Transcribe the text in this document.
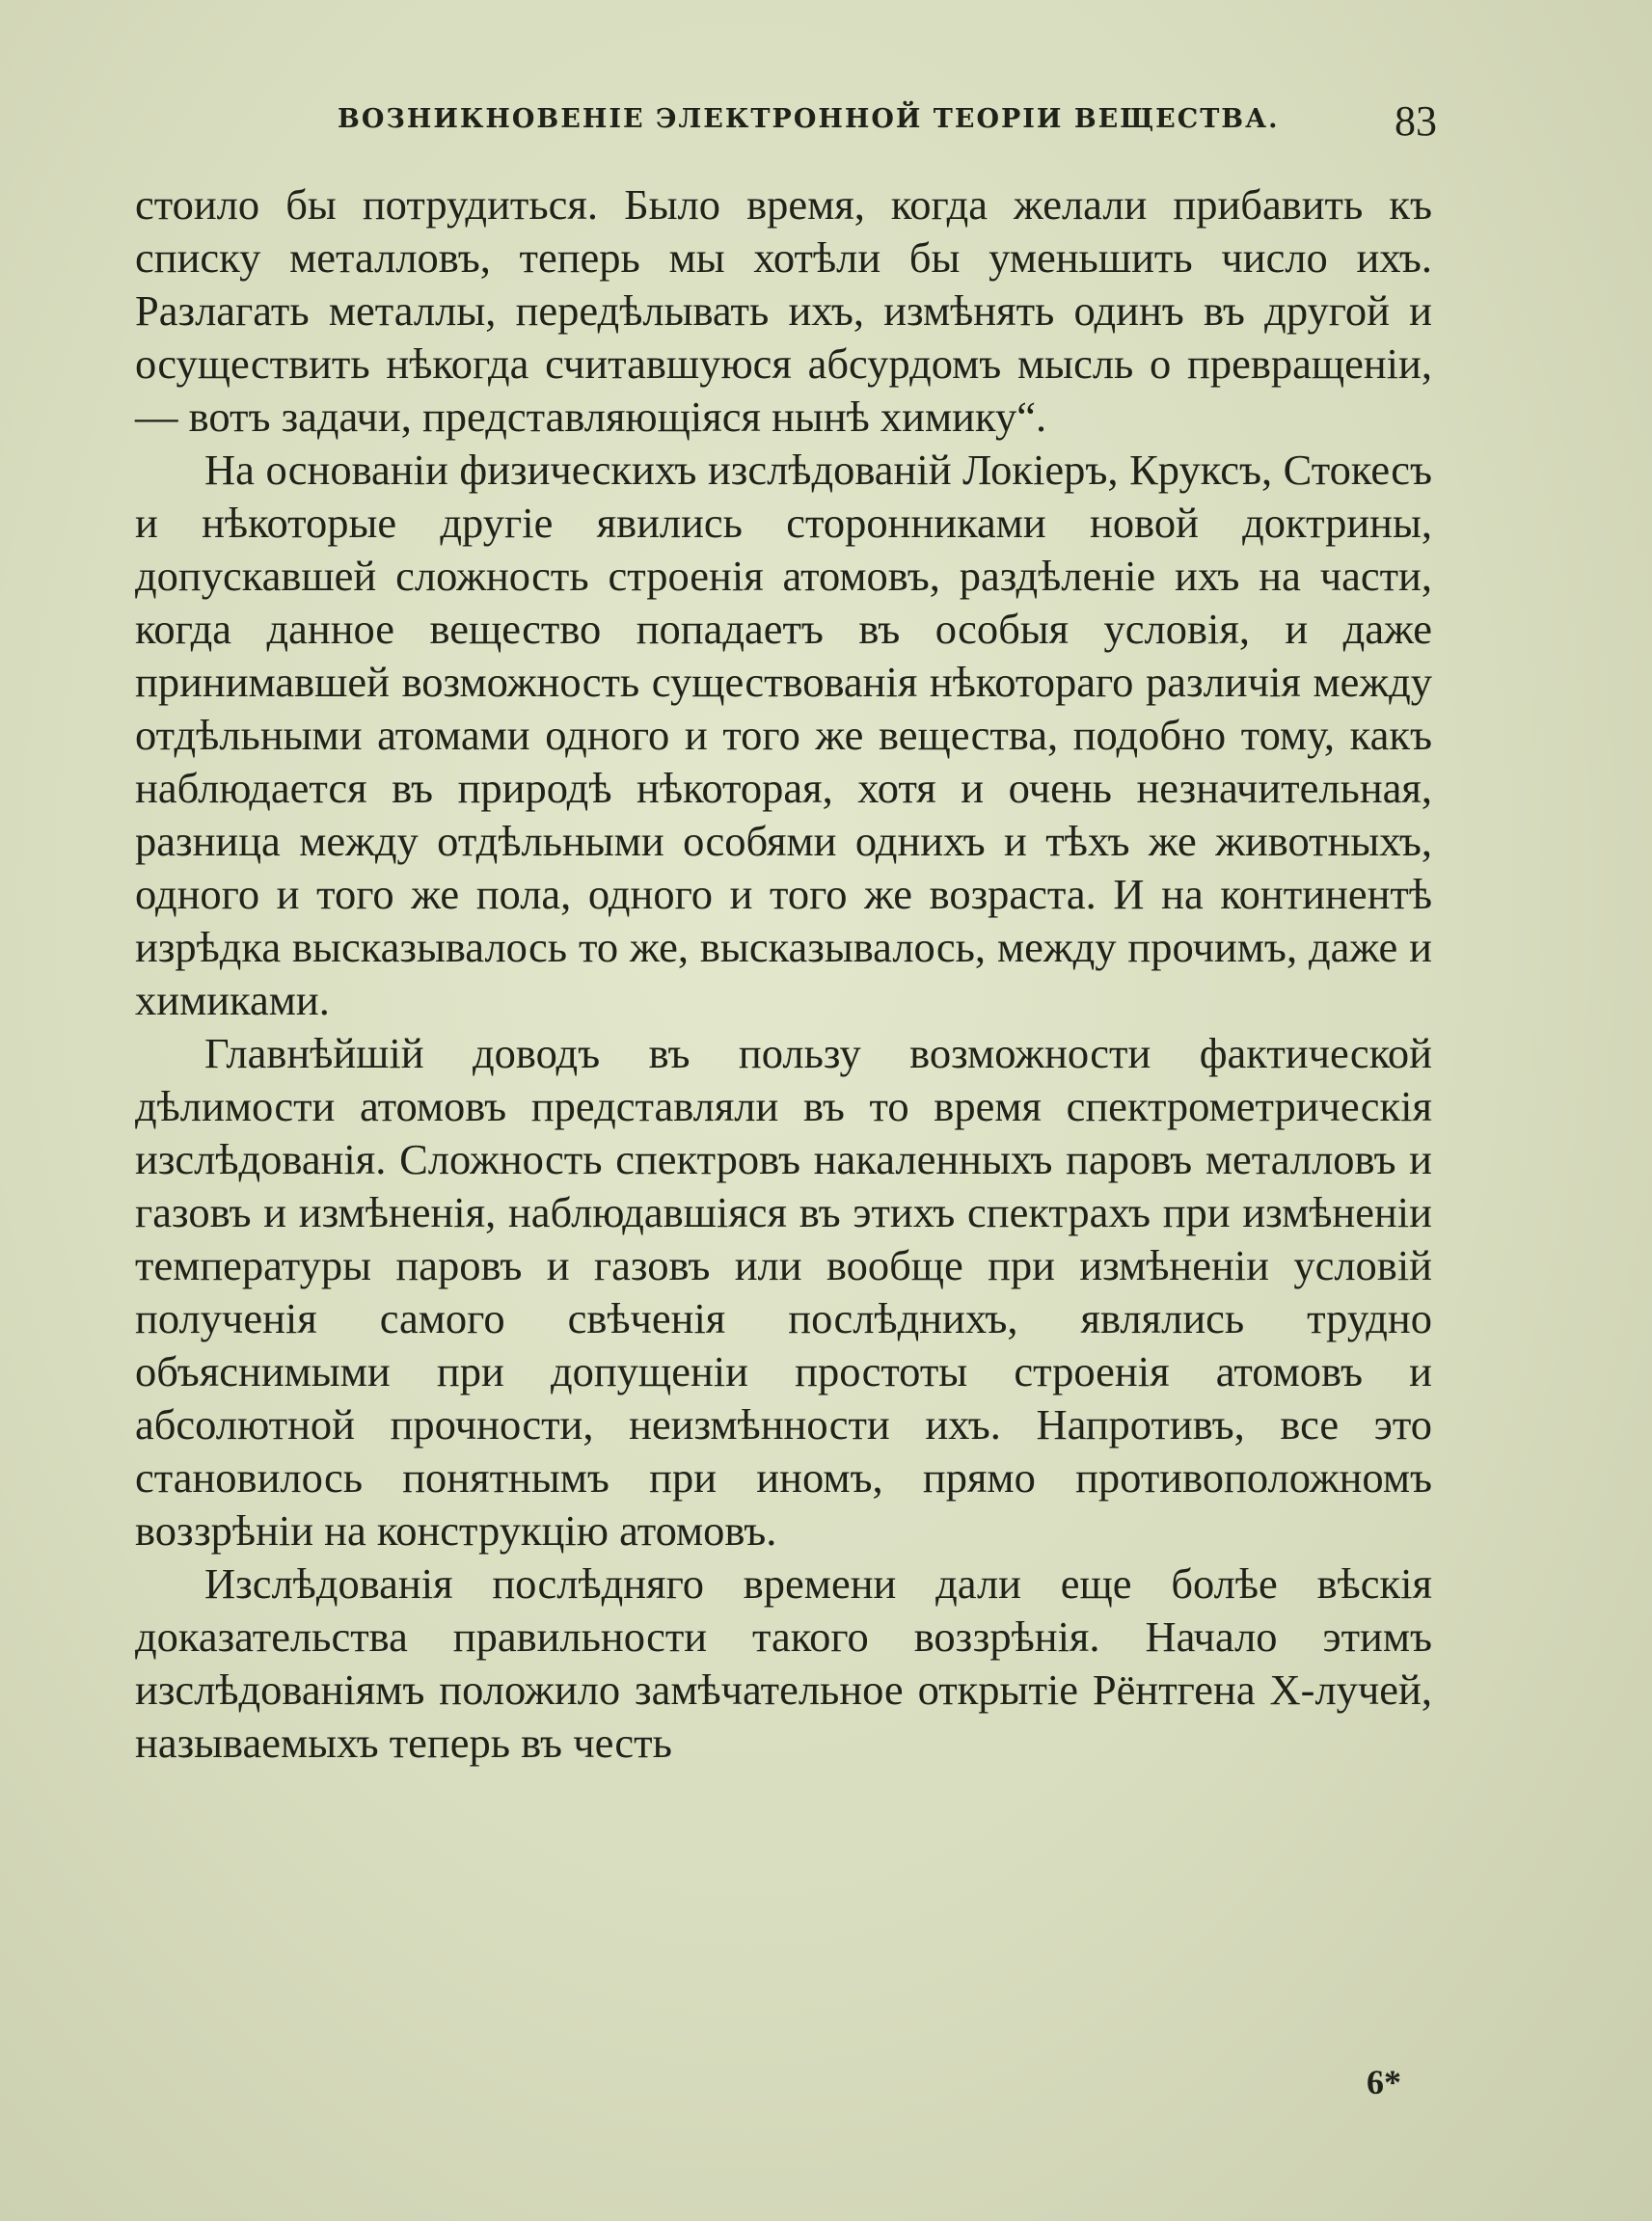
ВОЗНИКНОВЕНІЕ ЭЛЕКТРОННОЙ ТЕОРІИ ВЕЩЕСТВА.	83

стоило бы потрудиться. Было время, когда желали прибавить къ списку металловъ, теперь мы хотѣли бы уменьшить число ихъ. Разлагать металлы, передѣлывать ихъ, измѣнять одинъ въ другой и осуществить нѣкогда считавшуюся абсурдомъ мысль о превращеніи,— вотъ задачи, представляющіяся нынѣ химику“.

На основаніи физическихъ изслѣдованій Локіеръ, Круксъ, Стокесъ и нѣкоторые другіе явились сторонниками новой доктрины, допускавшей сложность строенія атомовъ, раздѣленіе ихъ на части, когда данное вещество попадаетъ въ особыя условія, и даже принимавшей возможность существованія нѣкотораго различія между отдѣльными атомами одного и того же вещества, подобно тому, какъ наблюдается въ природѣ нѣкоторая, хотя и очень незначительная, разница между отдѣльными особями однихъ и тѣхъ же животныхъ, одного и того же пола, одного и того же возраста. И на континентѣ изрѣдка высказывалось то же, высказывалось, между прочимъ, даже и химиками.

Главнѣйшій доводъ въ пользу возможности фактической дѣлимости атомовъ представляли въ то время спектрометрическія изслѣдованія. Сложность спектровъ накаленныхъ паровъ металловъ и газовъ и измѣненія, наблюдавшіяся въ этихъ спектрахъ при измѣненіи температуры паровъ и газовъ или вообще при измѣненіи условій полученія самого свѣченія послѣднихъ, являлись трудно объяснимыми при допущеніи простоты строенія атомовъ и абсолютной прочности, неизмѣнности ихъ. Напротивъ, все это становилось понятнымъ при иномъ, прямо противоположномъ воззрѣніи на конструкцію атомовъ.

Изслѣдованія послѣдняго времени дали еще болѣе вѣскія доказательства правильности такого воззрѣнія. Начало этимъ изслѣдованіямъ положило замѣчательное открытіе Рёнтгена X-лучей, называемыхъ теперь въ честь

6*
